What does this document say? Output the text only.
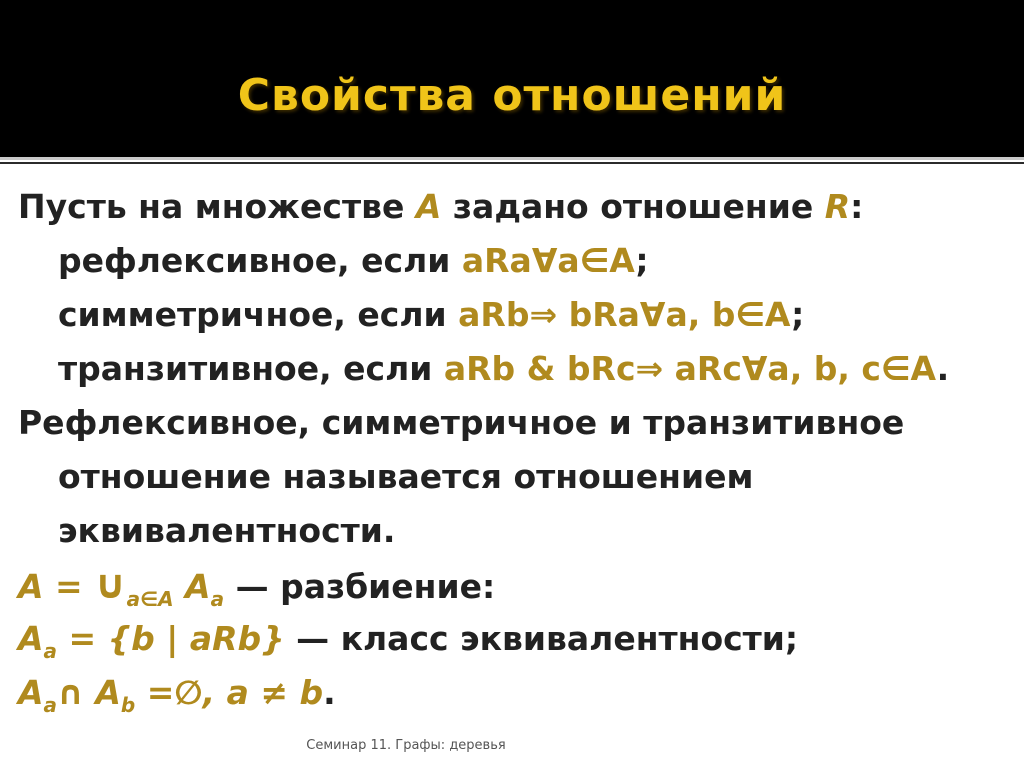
Свойства отношений
Пусть на множестве A задано отношение R:
рефлексивное, если aRa∀a∈A;
симметричное, если aRb⇒ bRa∀a, b∈A;
транзитивное, если aRb & bRc⇒ aRc∀a, b, c∈A.
Рефлексивное, симметричное и транзитивное
отношение называется отношением
эквивалентности.
$A = \cup_{a\in A}$ $A_a$ — разбиение:
$A_a = \{b$ | aRb} — класс эквивалентности;
$A_a\cap$ $A_b$ =∅, a ≠ b.
Семинар 11. Графы: деревья
